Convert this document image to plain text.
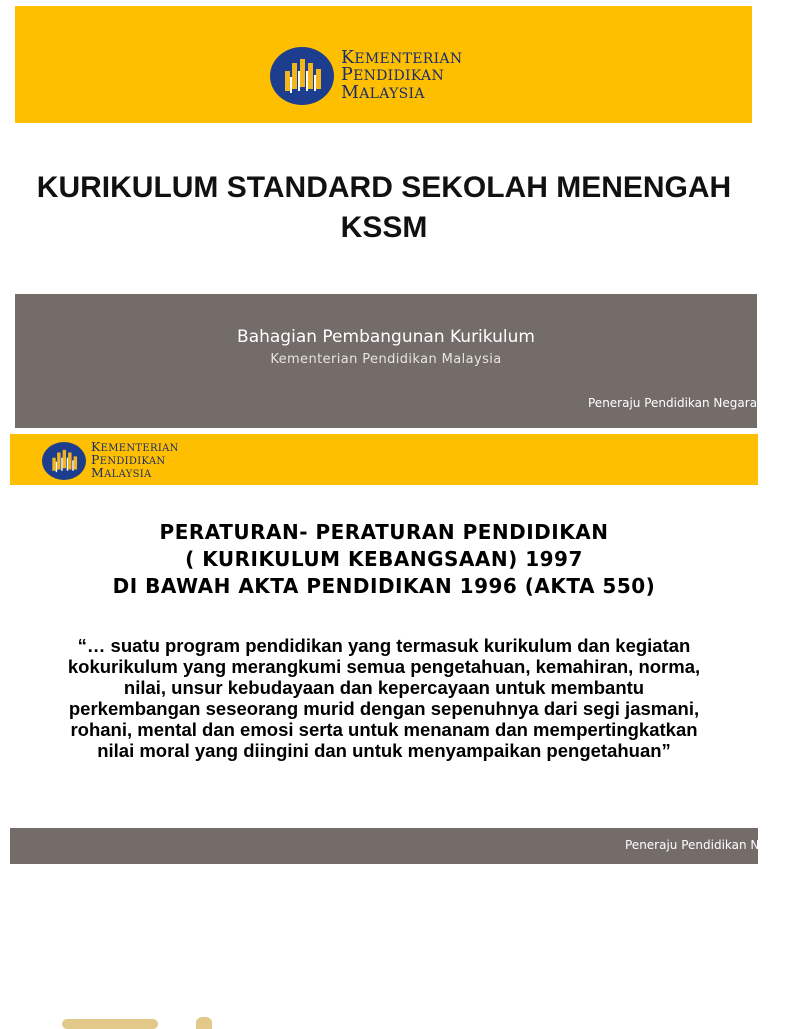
KEMENTERIAN
PENDIDIKAN
MALAYSIA
KURIKULUM STANDARD SEKOLAH MENENGAH
KSSM
Bahagian Pembangunan Kurikulum
Kementerian Pendidikan Malaysia
Peneraju Pendidikan Negara
KEMENTERIAN
PENDIDIKAN
MALAYSIA
PERATURAN- PERATURAN PENDIDIKAN
( KURIKULUM KEBANGSAAN) 1997
DI BAWAH AKTA PENDIDIKAN 1996 (AKTA 550)
“… suatu program pendidikan yang termasuk kurikulum dan kegiatan
kokurikulum yang merangkumi semua pengetahuan, kemahiran, norma,
nilai, unsur kebudayaan dan kepercayaan untuk membantu
perkembangan seseorang murid dengan sepenuhnya dari segi jasmani,
rohani, mental dan emosi serta untuk menanam dan mempertingkatkan
nilai moral yang diingini dan untuk menyampaikan pengetahuan”
Peneraju Pendidikan Negara
